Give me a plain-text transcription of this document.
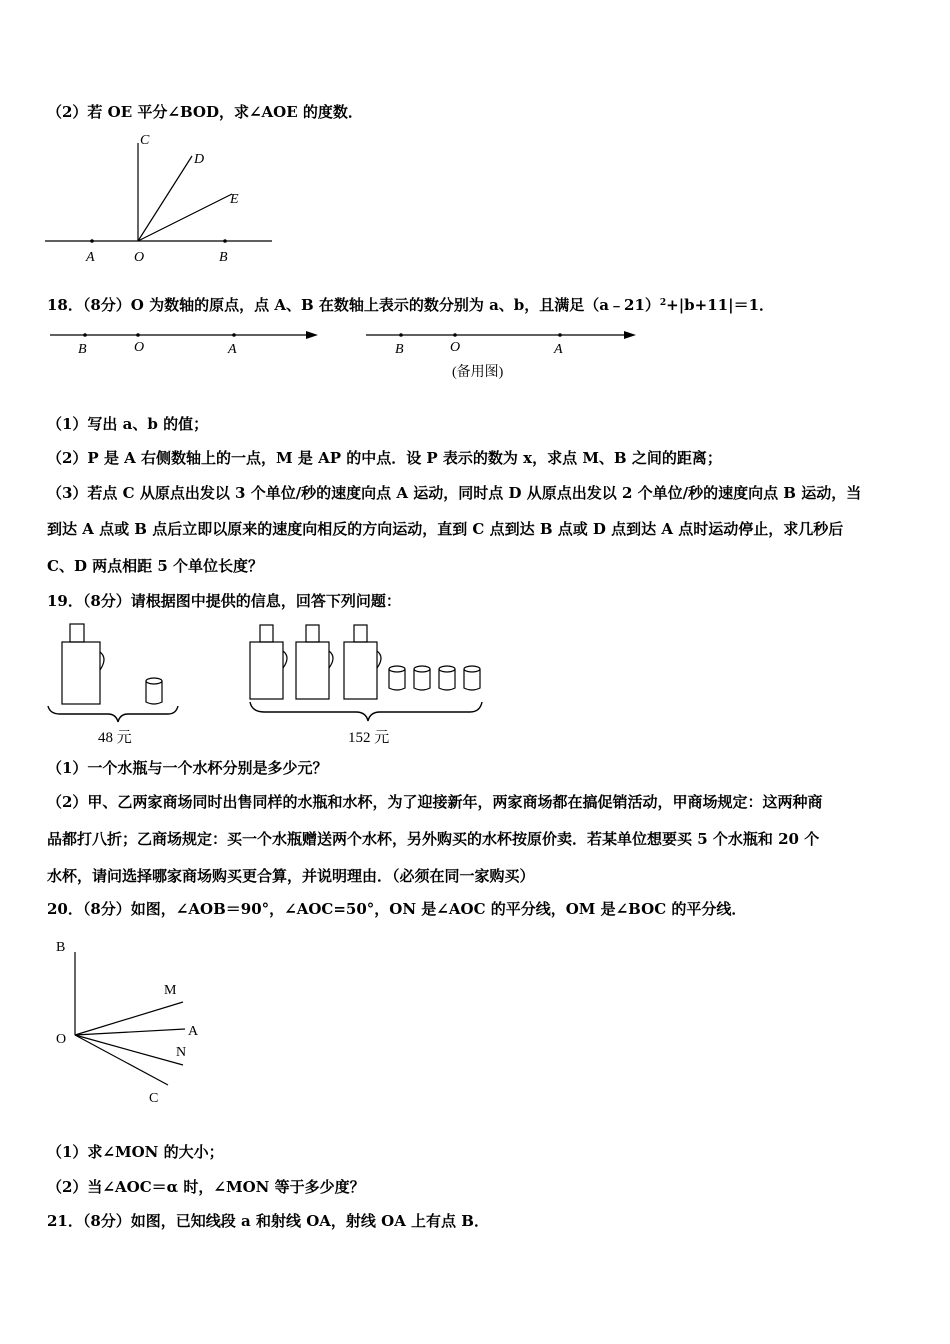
（2）若 OE 平分∠BOD，求∠AOE 的度数．
C
D
E
A	O	B
18．（8分）O 为数轴的原点，点 A、B 在数轴上表示的数分别为 a、b，且满足（a﹣21）$^2$+|b+11|＝1．
B	O	A	B	O	A
(备用图)
（1）写出 a、b 的值；
（2）P 是 A 右侧数轴上的一点，M 是 AP 的中点．设 P 表示的数为 x，求点 M、B 之间的距离；
（3）若点 C 从原点出发以 3 个单位/秒的速度向点 A 运动，同时点 D 从原点出发以 2 个单位/秒的速度向点 B 运动，当
到达 A 点或 B 点后立即以原来的速度向相反的方向运动，直到 C 点到达 B 点或 D 点到达 A 点时运动停止，求几秒后
C、D 两点相距 5 个单位长度？
19．（8分）请根据图中提供的信息，回答下列问题：
48 元	152 元
（1）一个水瓶与一个水杯分别是多少元？
（2）甲、乙两家商场同时出售同样的水瓶和水杯，为了迎接新年，两家商场都在搞促销活动，甲商场规定：这两种商
品都打八折；乙商场规定：买一个水瓶赠送两个水杯，另外购买的水杯按原价卖．若某单位想要买 5 个水瓶和 20 个
水杯，请问选择哪家商场购买更合算，并说明理由．（必须在同一家购买）
20．（8分）如图，∠AOB＝90°，∠AOC=50°，ON 是∠AOC 的平分线，OM 是∠BOC 的平分线．
B
M
O
A
N
C
（1）求∠MON 的大小；
（2）当∠AOC＝α 时，∠MON 等于多少度？
21．（8分）如图，已知线段 a 和射线 OA，射线 OA 上有点 B．
